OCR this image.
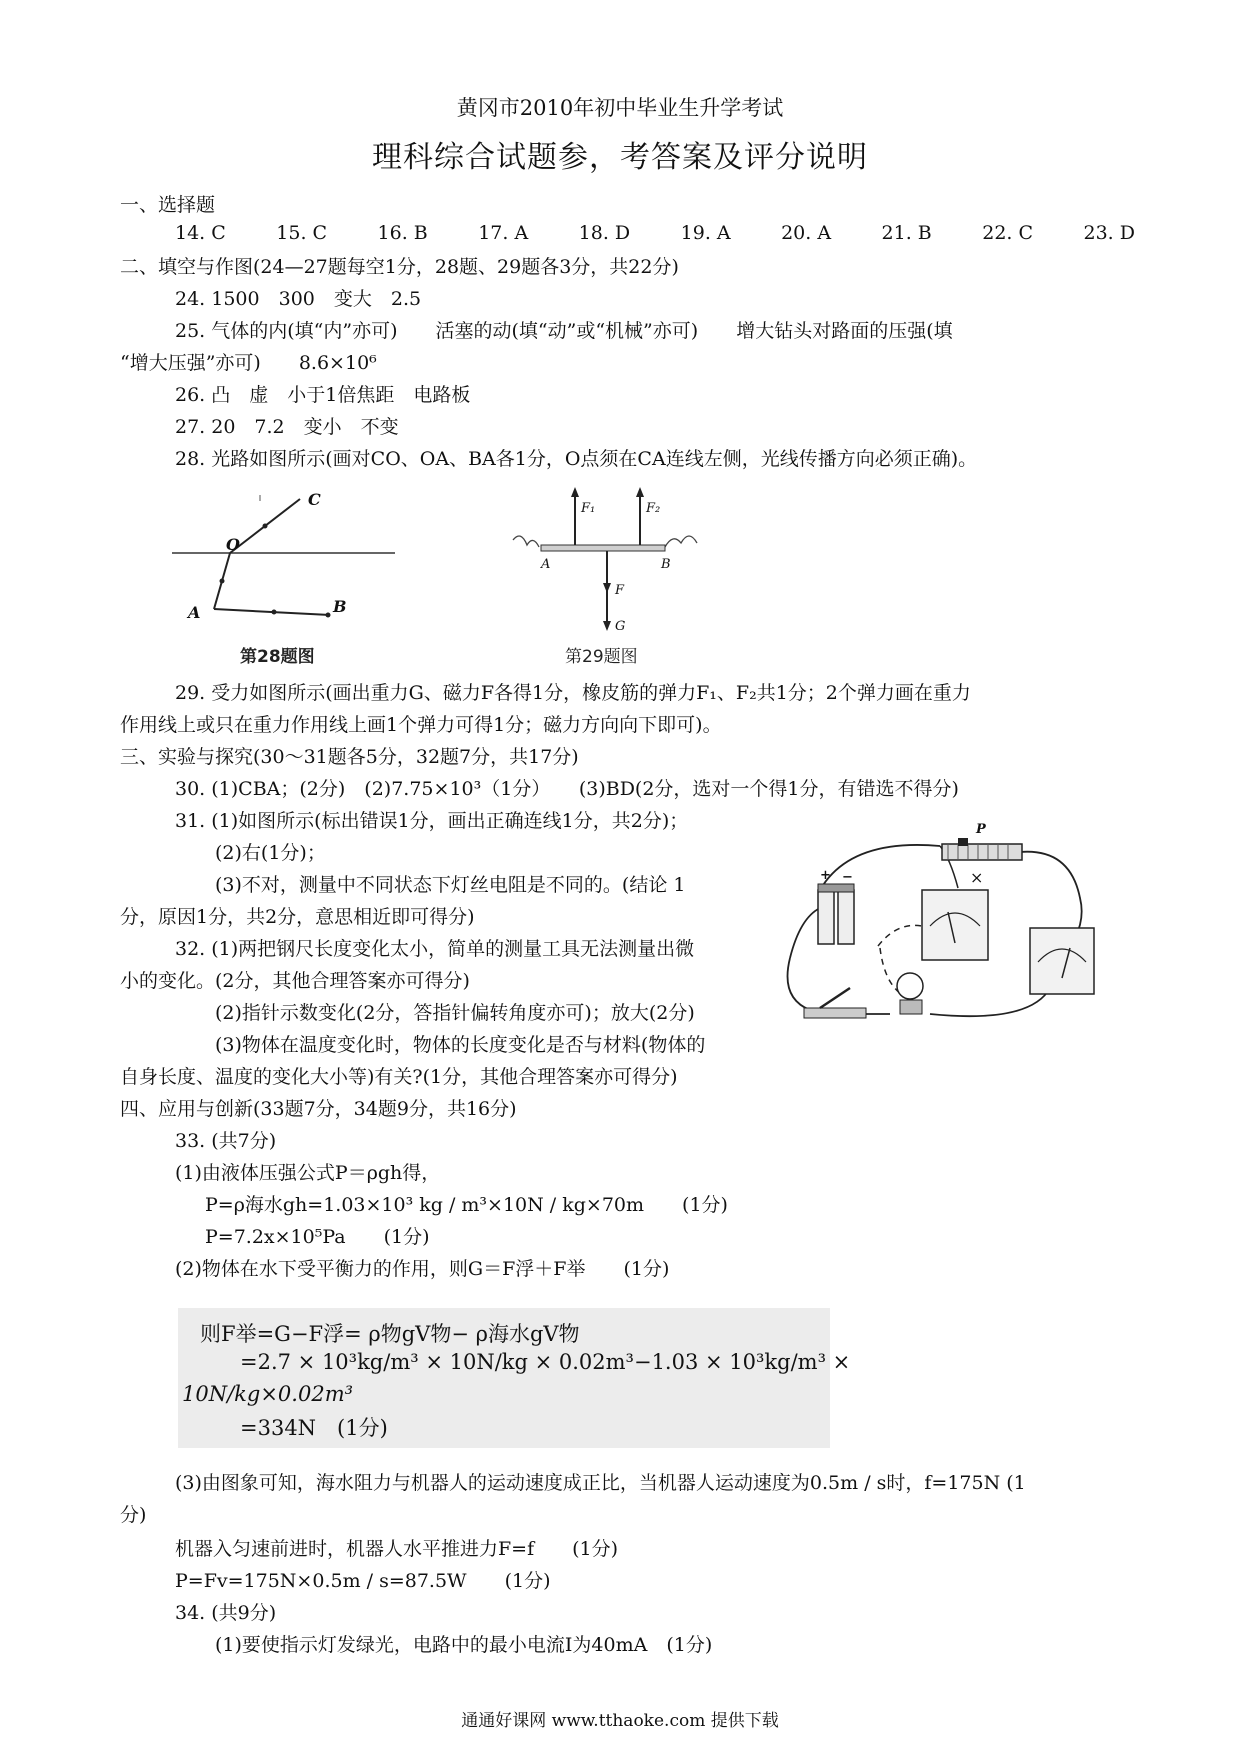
黄冈市2010年初中毕业生升学考试
理科综合试题参，考答案及评分说明
一、选择题
14. C	15. C	16. B	17. A	18. D	19. A	20. A	21. B	22. C	23. D
二、填空与作图(24—27题每空1分，28题、29题各3分，共22分)
24. 1500　300　变大　2.5
25. 气体的内(填“内”亦可)　　活塞的动(填“动”或“机械”亦可)　　增大钻头对路面的压强(填
“增大压强”亦可)　　8.6×10⁶
26. 凸　虚　小于1倍焦距　电路板
27. 20　7.2　变小　不变
28. 光路如图所示(画对CO、OA、BA各1分，O点须在CA连线左侧，光线传播方向必须正确)。
C
O
A	B
第28题图
F₁	F₂
A	B
F
G
第29题图
29. 受力如图所示(画出重力G、磁力F各得1分，橡皮筋的弹力F₁、F₂共1分；2个弹力画在重力
作用线上或只在重力作用线上画1个弹力可得1分；磁力方向向下即可)。
三、实验与探究(30～31题各5分，32题7分，共17分)
30. (1)CBA；(2分)　(2)7.75×10³（1分）　　(3)BD(2分，选对一个得1分，有错选不得分)
31. (1)如图所示(标出错误1分，画出正确连线1分，共2分)；
(2)右(1分)；
(3)不对，测量中不同状态下灯丝电阻是不同的。(结论 1
分，原因1分，共2分，意思相近即可得分)
32. (1)两把钢尺长度变化太小，简单的测量工具无法测量出微
小的变化。(2分，其他合理答案亦可得分)
(2)指针示数变化(2分，答指针偏转角度亦可)；放大(2分)
(3)物体在温度变化时，物体的长度变化是否与材料(物体的
自身长度、温度的变化大小等)有关?(1分，其他合理答案亦可得分)
P
+ −	×
四、应用与创新(33题7分，34题9分，共16分)
33. (共7分)
(1)由液体压强公式P＝ρgh得，
P=ρ海水gh=1.03×10³ kg / m³×10N / kg×70m　　(1分)
P=7.2x×10⁵Pa　　(1分)
(2)物体在水下受平衡力的作用，则G＝F浮＋F举　　(1分)
则F举=G−F浮= ρ物gV物− ρ海水gV物
=2.7 × 10³kg/m³ × 10N/kg × 0.02m³−1.03 × 10³kg/m³ ×
10N/kg×0.02m³
=334N　(1分)
(3)由图象可知，海水阻力与机器人的运动速度成正比，当机器人运动速度为0.5m / s时，f=175N (1
分)
机器入匀速前进时，机器人水平推进力F=f　　(1分)
P=Fv=175N×0.5m / s=87.5W　　(1分)
34. (共9分)
(1)要使指示灯发绿光，电路中的最小电流I为40mA　(1分)
通通好课网 www.tthaoke.com 提供下载
